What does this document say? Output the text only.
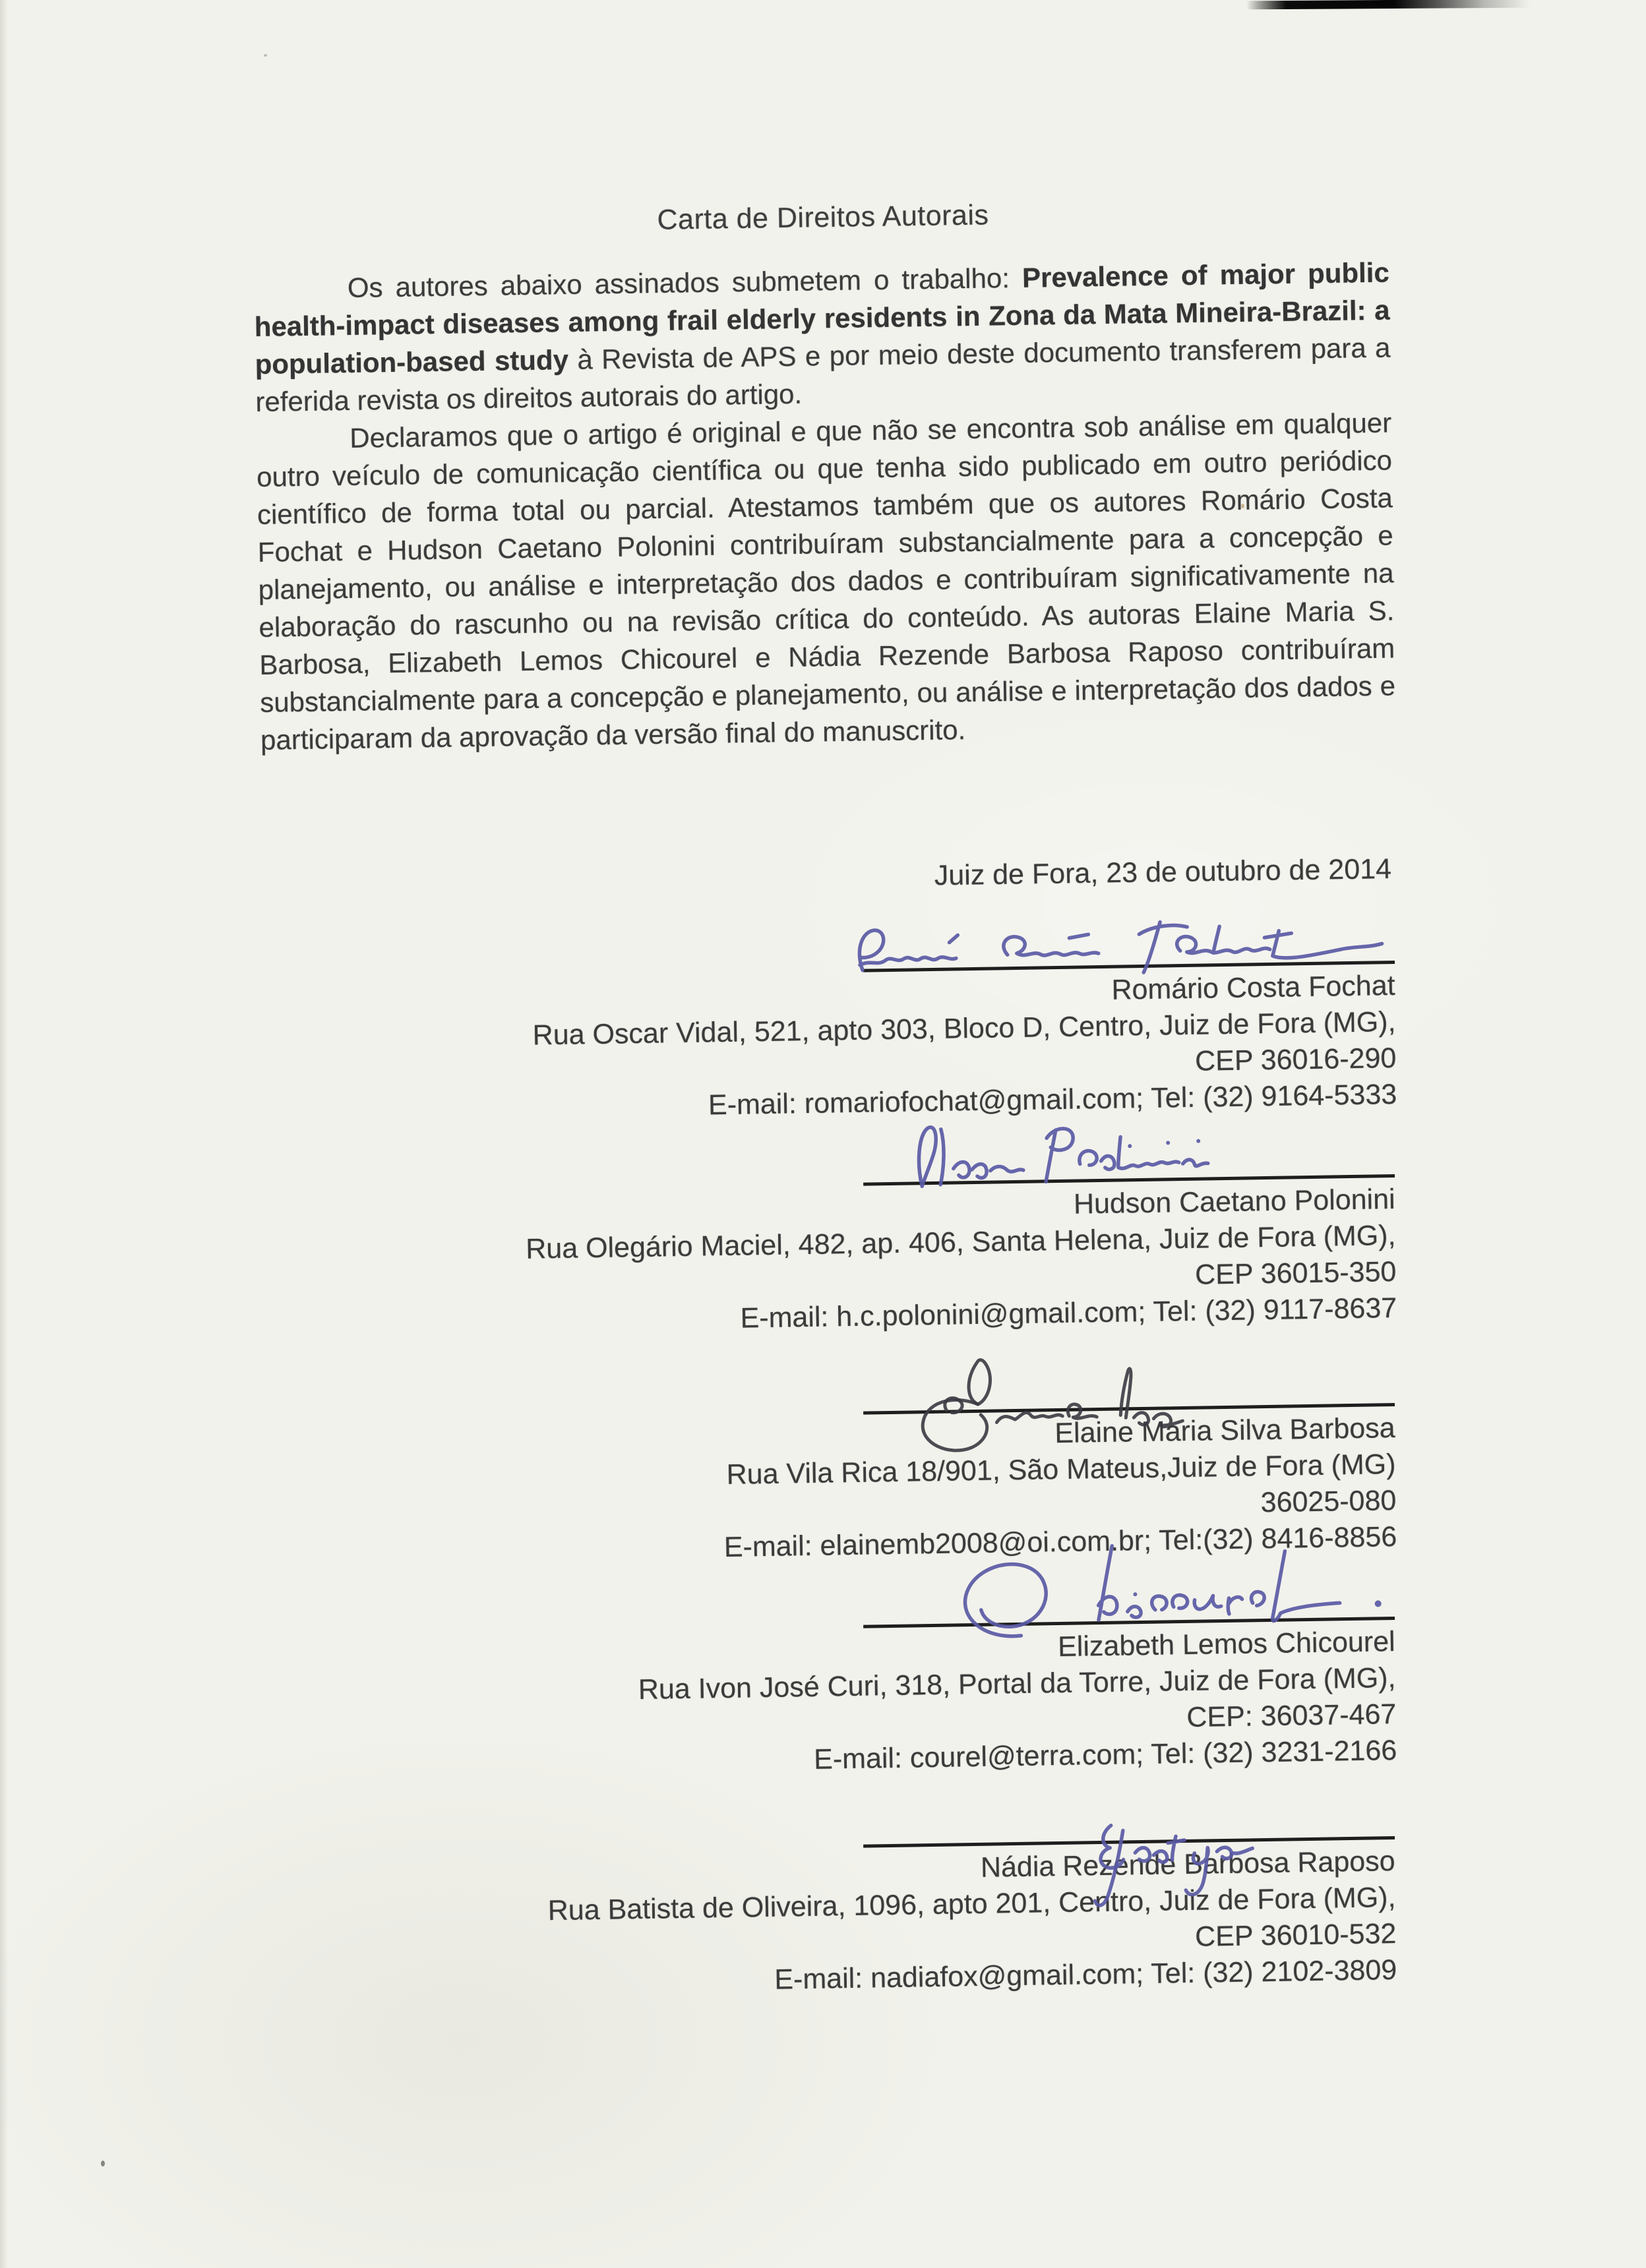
Carta de Direitos Autorais

Os autores abaixo assinados submetem o trabalho: Prevalence of major public health-impact diseases among frail elderly residents in Zona da Mata Mineira-Brazil: a population-based study à Revista de APS e por meio deste documento transferem para a referida revista os direitos autorais do artigo.

Declaramos que o artigo é original e que não se encontra sob análise em qualquer outro veículo de comunicação científica ou que tenha sido publicado em outro periódico científico de forma total ou parcial. Atestamos também que os autores Romário Costa Fochat e Hudson Caetano Polonini contribuíram substancialmente para a concepção e planejamento, ou análise e interpretação dos dados e contribuíram significativamente na elaboração do rascunho ou na revisão crítica do conteúdo. As autoras Elaine Maria S. Barbosa, Elizabeth Lemos Chicourel e Nádia Rezende Barbosa Raposo contribuíram substancialmente para a concepção e planejamento, ou análise e interpretação dos dados e participaram da aprovação da versão final do manuscrito.

Juiz de Fora, 23 de outubro de 2014
Romário Costa Fochat
Rua Oscar Vidal, 521, apto 303, Bloco D, Centro, Juiz de Fora (MG),
CEP 36016-290
E-mail: romariofochat@gmail.com; Tel: (32) 9164-5333
Hudson Caetano Polonini
Rua Olegário Maciel, 482, ap. 406, Santa Helena, Juiz de Fora (MG),
CEP 36015-350
E-mail: h.c.polonini@gmail.com; Tel: (32) 9117-8637
Elaine Maria Silva Barbosa
Rua Vila Rica 18/901, São Mateus,Juiz de Fora (MG)
36025-080
E-mail: elainemb2008@oi.com.br; Tel:(32) 8416-8856
Elizabeth Lemos Chicourel
Rua Ivon José Curi, 318, Portal da Torre, Juiz de Fora (MG),
CEP: 36037-467
E-mail: courel@terra.com; Tel: (32) 3231-2166
Nádia Rezende Barbosa Raposo
Rua Batista de Oliveira, 1096, apto 201, Centro, Juiz de Fora (MG),
CEP 36010-532
E-mail: nadiafox@gmail.com; Tel: (32) 2102-3809
